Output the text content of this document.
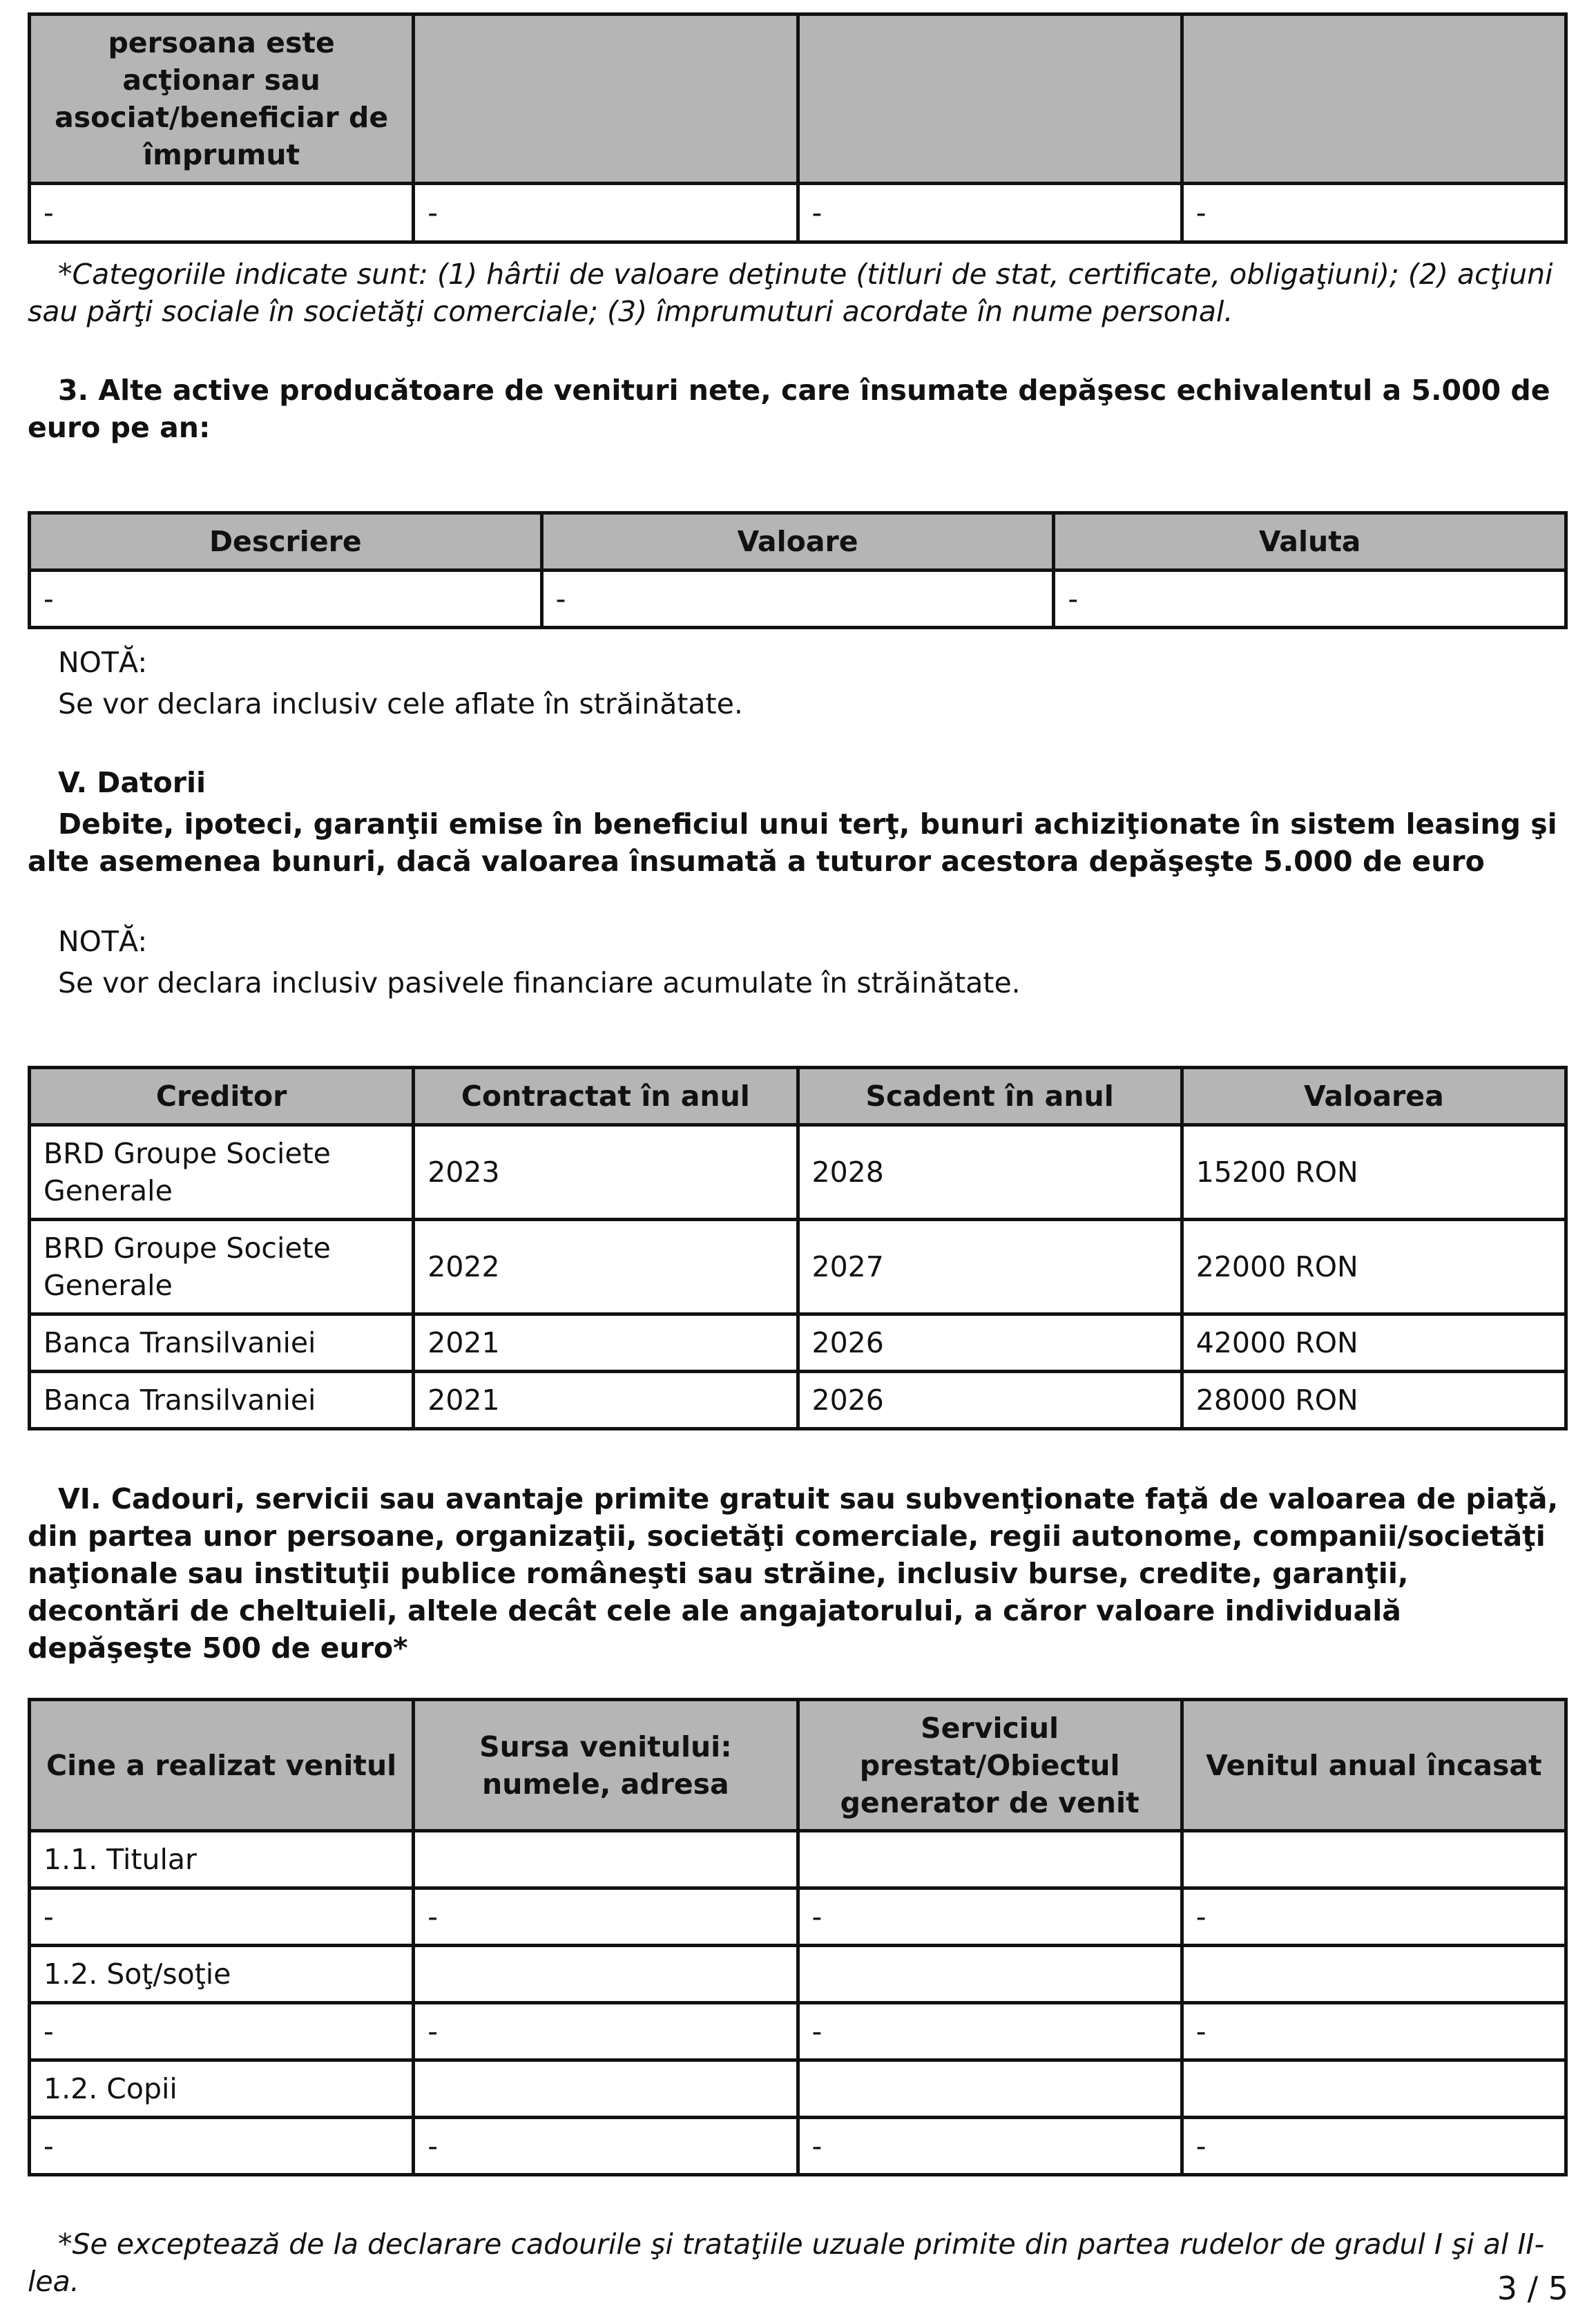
persoana este acţionar sau asociat/beneficiar de împrumut			
-	-	-	-

*Categoriile indicate sunt: (1) hârtii de valoare deţinute (titluri de stat, certificate, obligaţiuni); (2) acţiuni sau părţi sociale în societăţi comerciale; (3) împrumuturi acordate în nume personal.

3. Alte active producătoare de venituri nete, care însumate depăşesc echivalentul a 5.000 de euro pe an:

Descriere	Valoare	Valuta
-	-	-

NOTĂ:

Se vor declara inclusiv cele aflate în străinătate.

V. Datorii

Debite, ipoteci, garanţii emise în beneficiul unui terţ, bunuri achiziţionate în sistem leasing şi alte asemenea bunuri, dacă valoarea însumată a tuturor acestora depăşeşte 5.000 de euro

NOTĂ:

Se vor declara inclusiv pasivele financiare acumulate în străinătate.

Creditor	Contractat în anul	Scadent în anul	Valoarea
BRD Groupe Societe Generale	2023	2028	15200 RON
BRD Groupe Societe Generale	2022	2027	22000 RON
Banca Transilvaniei	2021	2026	42000 RON
Banca Transilvaniei	2021	2026	28000 RON

VI. Cadouri, servicii sau avantaje primite gratuit sau subvenţionate faţă de valoarea de piaţă, din partea unor persoane, organizaţii, societăţi comerciale, regii autonome, companii/societăţi naţionale sau instituţii publice româneşti sau străine, inclusiv burse, credite, garanţii, decontări de cheltuieli, altele decât cele ale angajatorului, a căror valoare individuală depăşeşte 500 de euro*

Cine a realizat venitul	Sursa venitului: numele, adresa	Serviciul prestat/Obiectul generator de venit	Venitul anual încasat
1.1. Titular			
-	-	-	-
1.2. Soţ/soţie			
-	-	-	-
1.2. Copii			
-	-	-	-

*Se exceptează de la declarare cadourile şi trataţiile uzuale primite din partea rudelor de gradul I şi al II-lea.	3 / 5
